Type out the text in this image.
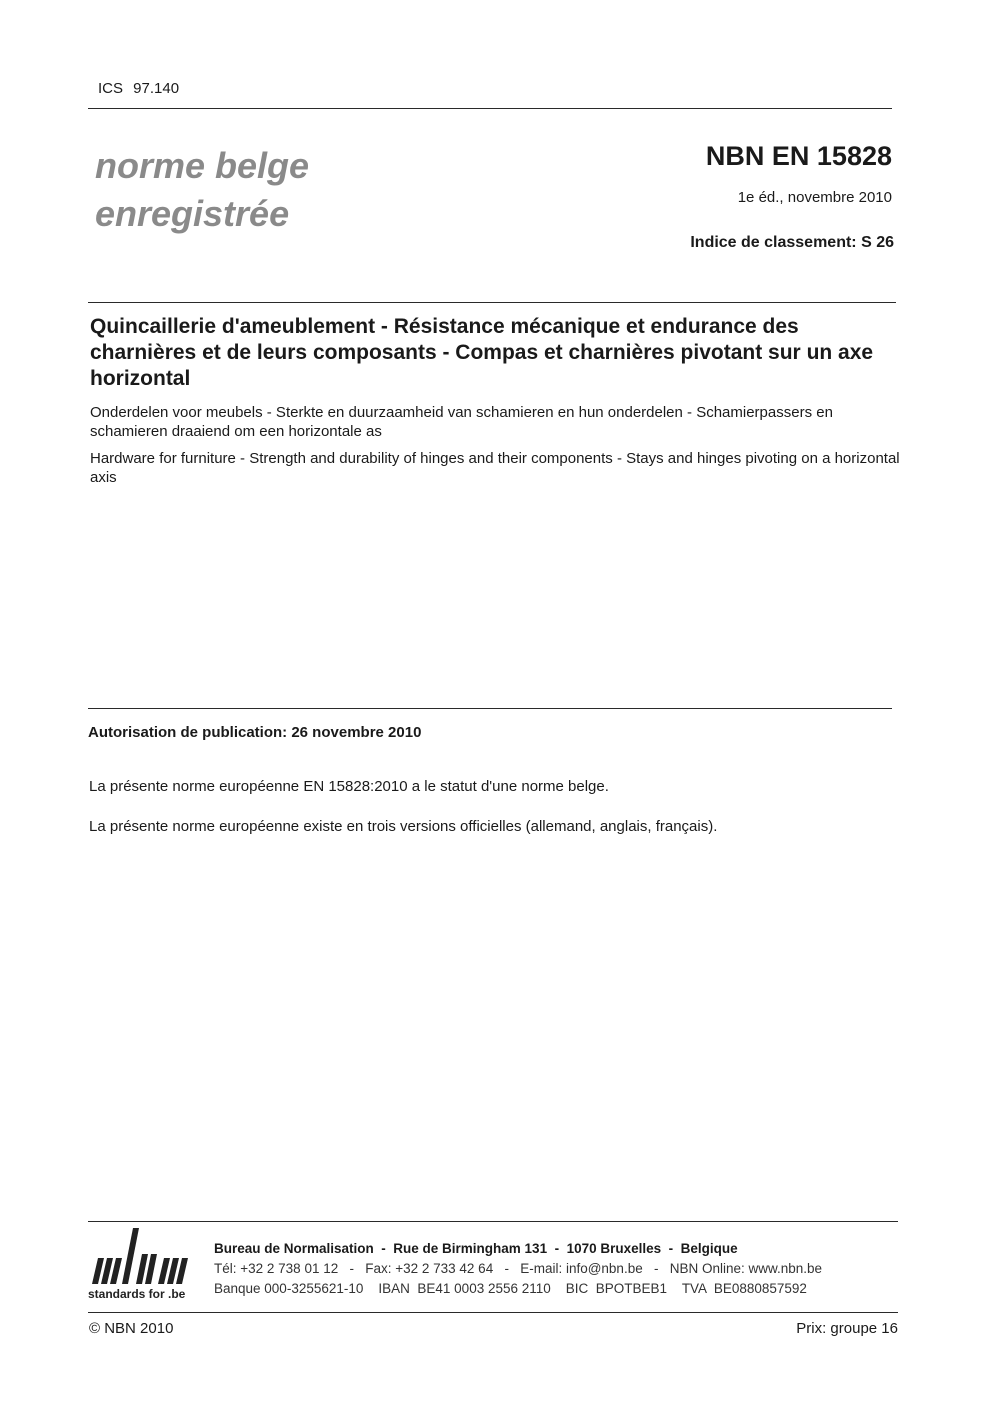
ICS 97.140
norme belge
enregistrée
NBN EN 15828
1e éd., novembre 2010
Indice de classement: S 26
Quincaillerie d'ameublement - Résistance mécanique et endurance des charnières et de leurs composants - Compas et charnières pivotant sur un axe horizontal
Onderdelen voor meubels - Sterkte en duurzaamheid van schamieren en hun onderdelen - Schamierpassers en schamieren draaiend om een horizontale as
Hardware for furniture - Strength and durability of hinges and their components - Stays and hinges pivoting on a horizontal axis
Autorisation de publication: 26 novembre 2010
La présente norme européenne EN 15828:2010 a le statut d'une norme belge.
La présente norme européenne existe en trois versions officielles (allemand, anglais, français).
standards for .be
Bureau de Normalisation  -  Rue de Birmingham 131  -  1070 Bruxelles  -  Belgique
Tél: +32 2 738 01 12   -   Fax: +32 2 733 42 64   -   E-mail: info@nbn.be   -   NBN Online: www.nbn.be
Banque 000-3255621-10    IBAN  BE41 0003 2556 2110    BIC  BPOTBEB1    TVA  BE0880857592
© NBN 2010	Prix: groupe 16
